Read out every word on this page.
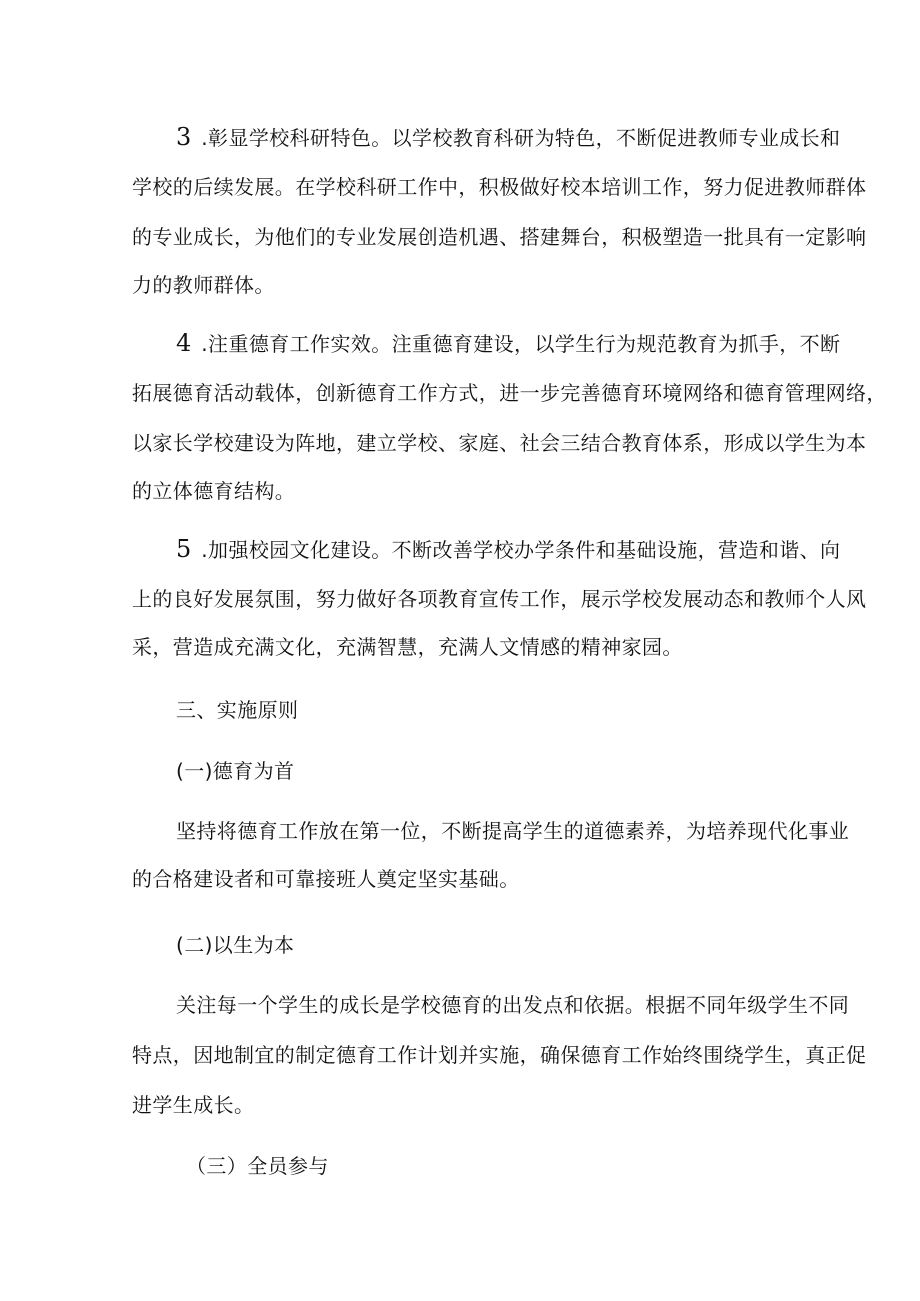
3 .彰显学校科研特色。以学校教育科研为特色，不断促进教师专业成长和

学校的后续发展。在学校科研工作中，积极做好校本培训工作，努力促进教师群体

的专业成长，为他们的专业发展创造机遇、搭建舞台，积极塑造一批具有一定影响

力的教师群体。

4 .注重德育工作实效。注重德育建设，以学生行为规范教育为抓手，不断

拓展德育活动载体，创新德育工作方式，进一步完善德育环境网络和德育管理网络，

以家长学校建设为阵地，建立学校、家庭、社会三结合教育体系，形成以学生为本

的立体德育结构。

5 .加强校园文化建设。不断改善学校办学条件和基础设施，营造和谐、向

上的良好发展氛围，努力做好各项教育宣传工作，展示学校发展动态和教师个人风

采，营造成充满文化，充满智慧，充满人文情感的精神家园。

三、实施原则

(一)德育为首

坚持将德育工作放在第一位，不断提高学生的道德素养，为培养现代化事业

的合格建设者和可靠接班人奠定坚实基础。

(二)以生为本

关注每一个学生的成长是学校德育的出发点和依据。根据不同年级学生不同

特点，因地制宜的制定德育工作计划并实施，确保德育工作始终围绕学生，真正促

进学生成长。

（三）全员参与
